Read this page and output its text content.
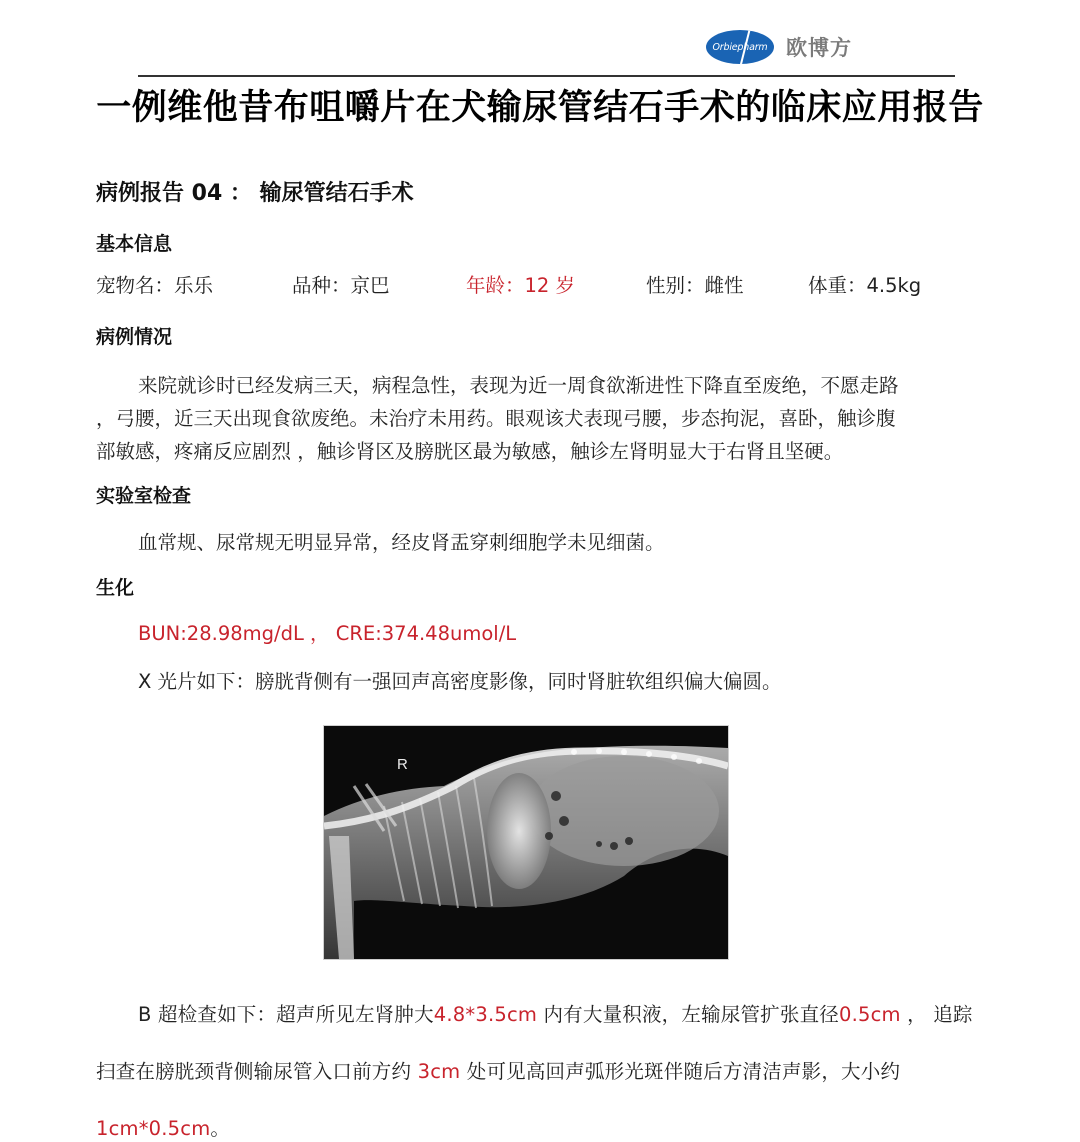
Orbiepharm 欧博方
一例维他昔布咀嚼片在犬输尿管结石手术的临床应用报告
病例报告 04 ： 输尿管结石手术
基本信息
宠物名：乐乐	品种：京巴	年龄：12 岁	性别：雌性	体重：4.5kg
病例情况
来院就诊时已经发病三天，病程急性，表现为近一周食欲渐进性下降直至废绝，不愿走路
，弓腰，近三天出现食欲废绝。未治疗未用药。眼观该犬表现弓腰，步态拘泥，喜卧，触诊腹
部敏感，疼痛反应剧烈 ，触诊肾区及膀胱区最为敏感，触诊左肾明显大于右肾且坚硬。
实验室检查
血常规、尿常规无明显异常，经皮肾盂穿刺细胞学未见细菌。
生化
BUN:28.98mg/dL ， CRE:374.48umol/L
X 光片如下：膀胱背侧有一强回声高密度影像，同时肾脏软组织偏大偏圆。
R
B 超检查如下：超声所见左肾肿大4.8*3.5cm 内有大量积液，左输尿管扩张直径0.5cm ， 追踪
扫查在膀胱颈背侧输尿管入口前方约 3cm 处可见高回声弧形光斑伴随后方清洁声影，大小约
1cm*0.5cm。
